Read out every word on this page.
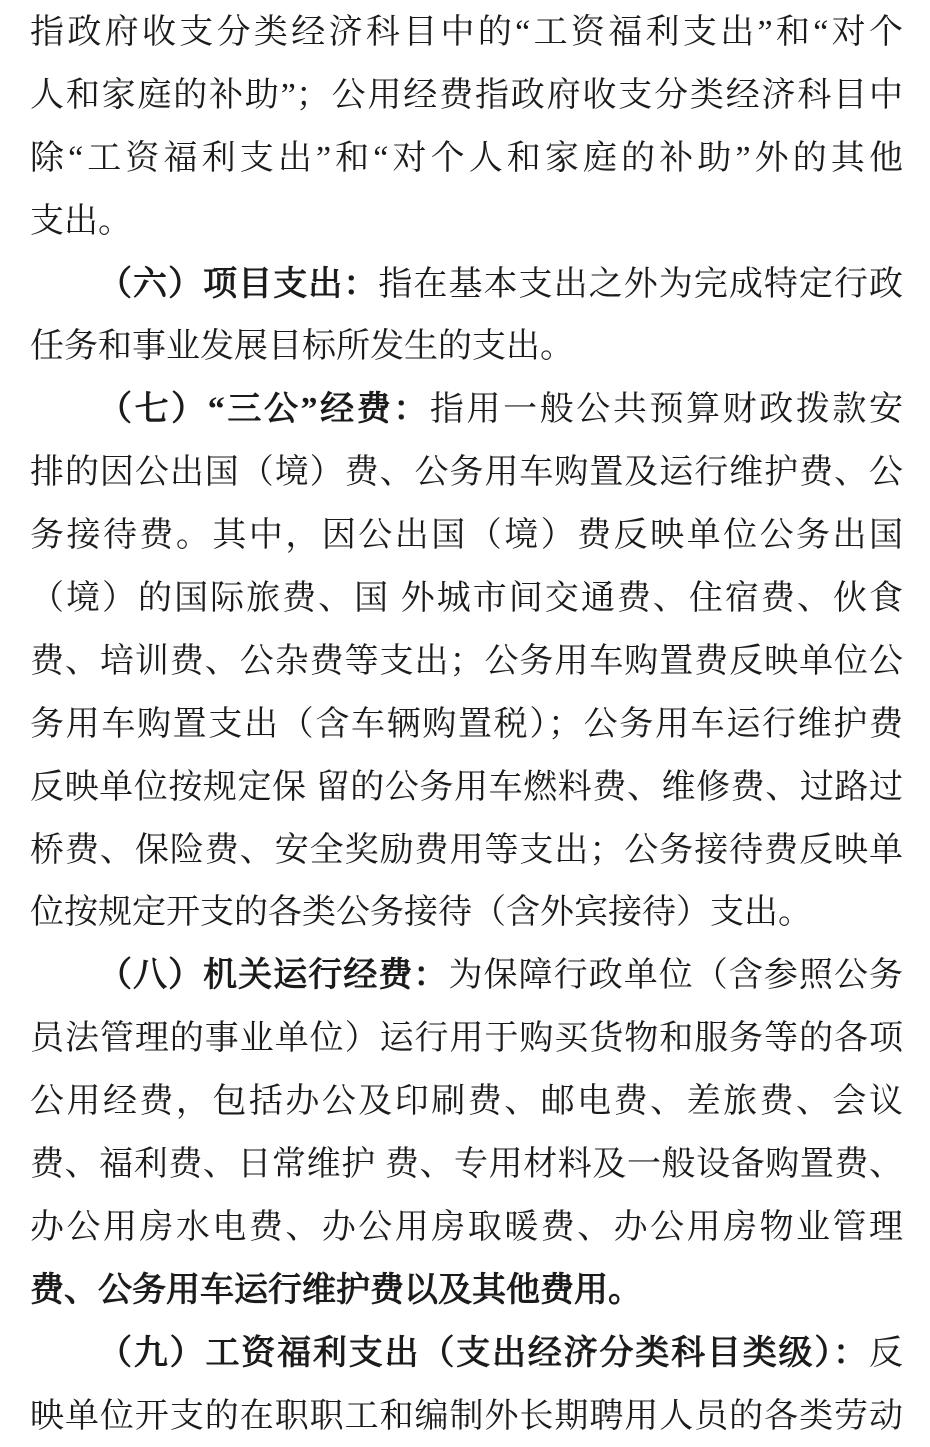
指政府收支分类经济科目中的“工资福利支出”和“对个
人和家庭的补助”；公用经费指政府收支分类经济科目中
除“工资福利支出”和“对个人和家庭的补助”外的其他
支出。
（六）项目支出：指在基本支出之外为完成特定行政
任务和事业发展目标所发生的支出。
（七）“三公”经费：指用一般公共预算财政拨款安
排的因公出国（境）费、公务用车购置及运行维护费、公
务接待费。其中，因公出国（境）费反映单位公务出国
（境）的国际旅费、国 外城市间交通费、住宿费、伙食
费、培训费、公杂费等支出；公务用车购置费反映单位公
务用车购置支出（含车辆购置税）；公务用车运行维护费
反映单位按规定保 留的公务用车燃料费、维修费、过路过
桥费、保险费、安全奖励费用等支出；公务接待费反映单
位按规定开支的各类公务接待（含外宾接待）支出。
（八）机关运行经费：为保障行政单位（含参照公务
员法管理的事业单位）运行用于购买货物和服务等的各项
公用经费，包括办公及印刷费、邮电费、差旅费、会议
费、福利费、日常维护 费、专用材料及一般设备购置费、
办公用房水电费、办公用房取暖费、办公用房物业管理
费、公务用车运行维护费以及其他费用。
（九）工资福利支出（支出经济分类科目类级）：反
映单位开支的在职职工和编制外长期聘用人员的各类劳动
